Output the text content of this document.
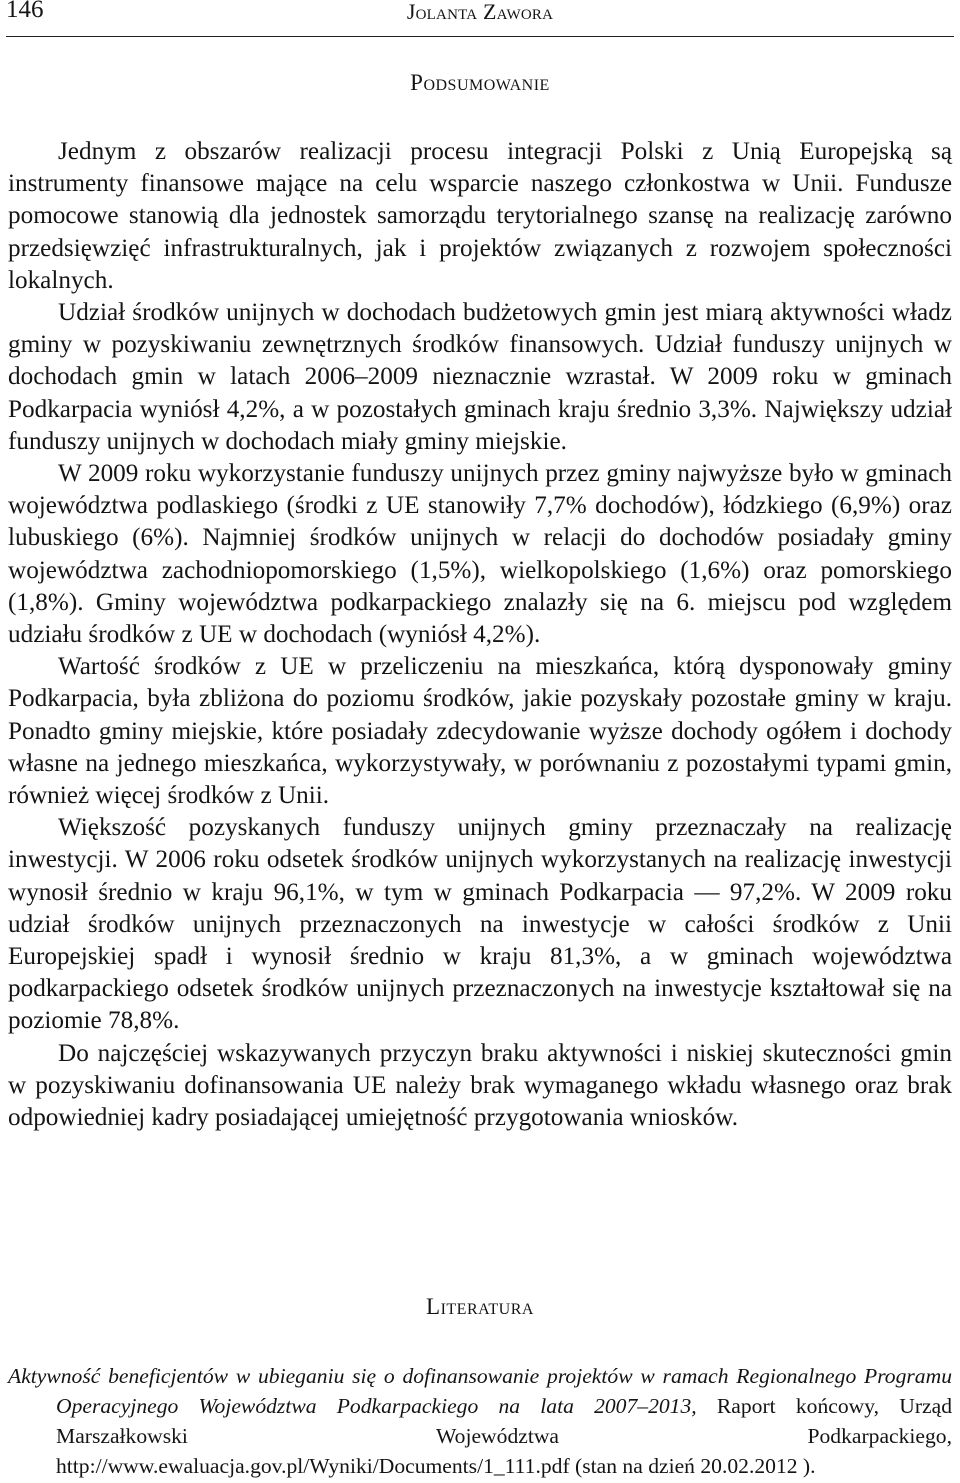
146	Jolanta Zawora
Podsumowanie

Jednym z obszarów realizacji procesu integracji Polski z Unią Europejską są instrumenty finansowe mające na celu wsparcie naszego członkostwa w Unii. Fundusze pomocowe stanowią dla jednostek samorządu terytorialnego szansę na realizację zarówno przedsięwzięć infrastrukturalnych, jak i projektów związanych z rozwojem społeczności lokalnych.

Udział środków unijnych w dochodach budżetowych gmin jest miarą aktywności władz gminy w pozyskiwaniu zewnętrznych środków finansowych. Udział funduszy unijnych w dochodach gmin w latach 2006–2009 nieznacznie wzrastał. W 2009 roku w gminach Podkarpacia wyniósł 4,2%, a w pozostałych gminach kraju średnio 3,3%. Największy udział funduszy unijnych w dochodach miały gminy miejskie.

W 2009 roku wykorzystanie funduszy unijnych przez gminy najwyższe było w gminach województwa podlaskiego (środki z UE stanowiły 7,7% dochodów), łódzkiego (6,9%) oraz lubuskiego (6%). Najmniej środków unijnych w relacji do dochodów posiadały gminy województwa zachodniopomorskiego (1,5%), wielkopolskiego (1,6%) oraz pomorskiego (1,8%). Gminy województwa podkarpackiego znalazły się na 6. miejscu pod względem udziału środków z UE w dochodach (wyniósł 4,2%).

Wartość środków z UE w przeliczeniu na mieszkańca, którą dysponowały gminy Podkarpacia, była zbliżona do poziomu środków, jakie pozyskały pozostałe gminy w kraju. Ponadto gminy miejskie, które posiadały zdecydowanie wyższe dochody ogółem i dochody własne na jednego mieszkańca, wykorzystywały, w porównaniu z pozostałymi typami gmin, również więcej środków z Unii.

Większość pozyskanych funduszy unijnych gminy przeznaczały na realizację inwestycji. W 2006 roku odsetek środków unijnych wykorzystanych na realizację inwestycji wynosił średnio w kraju 96,1%, w tym w gminach Podkarpacia — 97,2%. W 2009 roku udział środków unijnych przeznaczonych na inwestycje w całości środków z Unii Europejskiej spadł i wynosił średnio w kraju 81,3%, a w gminach województwa podkarpackiego odsetek środków unijnych przeznaczonych na inwestycje kształtował się na poziomie 78,8%.

Do najczęściej wskazywanych przyczyn braku aktywności i niskiej skuteczności gmin w pozyskiwaniu dofinansowania UE należy brak wymaganego wkładu własnego oraz brak odpowiedniej kadry posiadającej umiejętność przygotowania wniosków.

Literatura

Aktywność beneficjentów w ubieganiu się o dofinansowanie projektów w ramach Regionalnego Programu Operacyjnego Województwa Podkarpackiego na lata 2007–2013, Raport końcowy, Urząd Marszałkowski Województwa Podkarpackiego, http://www.ewaluacja.gov.pl/Wyniki/Documents/1_111.pdf (stan na dzień 20.02.2012 ).
